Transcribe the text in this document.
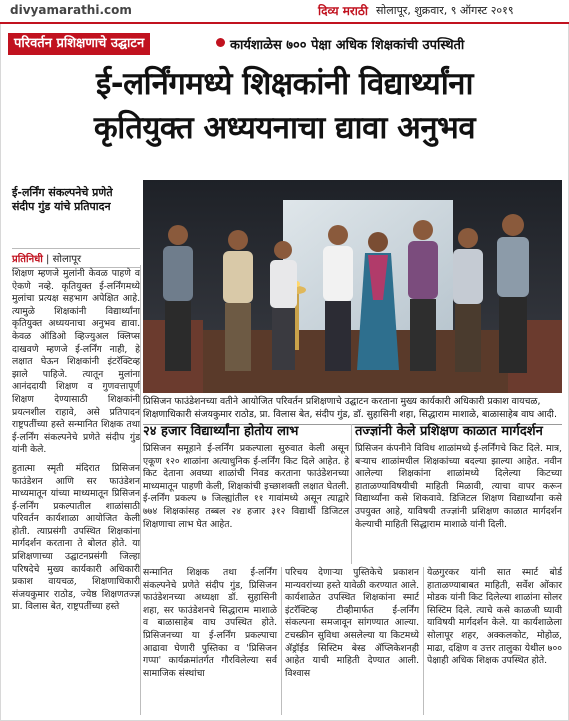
divyamarathi.com	दिव्य मराठी सोलापूर, शुक्रवार, ९ ऑगस्ट २०१९
परिवर्तन प्रशिक्षणाचे उद्घाटन	कार्यशाळेस ७०० पेक्षा अधिक शिक्षकांची उपस्थिती
ई-लर्निंगमध्ये शिक्षकांनी विद्यार्थ्यांना
कृतियुक्त अध्ययनाचा द्यावा अनुभव
ई-लर्निंग संकल्पनेचे प्रणेते संदीप गुंड यांचे प्रतिपादन
प्रतिनिधी | सोलापूर

शिक्षण म्हणजे मुलांनी केवळ पाहणे व ऐकणे नव्हे. कृतियुक्त ई-लर्निंगमध्ये मुलांचा प्रत्यक्ष सहभाग अपेक्षित आहे. त्यामुळे शिक्षकांनी विद्यार्थ्यांना कृतियुक्त अध्ययनाचा अनुभव द्यावा. केवळ ऑडिओ व्हिज्युअल क्लिप्स दाखवणे म्हणजे ई-लर्निंग नाही, हे लक्षात घेऊन शिक्षकांनी इंटरॅक्टिव्ह झाले पाहिजे. त्यातून मुलांना आनंददायी शिक्षण व गुणवत्तापूर्ण शिक्षण देण्यासाठी शिक्षकांनी प्रयत्नशील राहावे, असे प्रतिपादन राष्ट्रपतींच्या हस्ते सन्मानित शिक्षक तथा ई-लर्निंग संकल्पनेचे प्रणेते संदीप गुंड यांनी केले.

हुतात्मा स्मृती मंदिरात प्रिसिजन फाउंडेशन आणि सर फाउंडेशन माध्यमातून यांच्या माध्यमातून प्रिसिजन ई-लर्निंग प्रकल्पातील शाळांसाठी परिवर्तन कार्यशाळा आयोजित केली होती. त्याप्रसंगी उपस्थित शिक्षकांना मार्गदर्शन करताना ते बोलत होते. या प्रशिक्षणाच्या उद्घाटनप्रसंगी जिल्हा परिषदेचे मुख्य कार्यकारी अधिकारी प्रकाश वायचळ, शिक्षणाधिकारी संजयकुमार राठोड, ज्येष्ठ शिक्षणतज्ज्ञ प्रा. विलास बेत, राष्ट्रपतींच्या हस्ते

प्रिसिजन फाउंडेशनच्या वतीने आयोजित परिवर्तन प्रशिक्षणाचे उद्घाटन करताना मुख्य कार्यकारी अधिकारी प्रकाश वायचळ, शिक्षणाधिकारी संजयकुमार राठोड, प्रा. विलास बेत, संदीप गुंड, डॉ. सुहासिनी शहा, सिद्धाराम माशाळे, बाळासाहेब वाघ आदी.
२४ हजार विद्यार्थ्यांना होतोय लाभ
प्रिसिजन समूहाने ई-लर्निंग प्रकल्पाला सुरुवात केली असून एकूण १२० शाळांना अत्याधुनिक ई-लर्निंग किट दिले आहेत. हे किट देताना अवघ्या शाळांची निवड करताना फाउंडेशनच्या माध्यमातून पाहणी केली, शिक्षकांची इच्छाशक्ती लक्षात घेतली. ई-लर्निंग प्रकल्प ७ जिल्ह्यांतील ११ गावांमध्ये असून त्याद्वारे ७७४ शिक्षकांसह तब्बल २४ हजार ३१२ विद्यार्थी डिजिटल शिक्षणाचा लाभ घेत आहेत.
तज्ज्ञांनी केले प्रशिक्षण काळात मार्गदर्शन
प्रिसिजन कंपनीने विविध शाळांमध्ये ई-लर्निंगचे किट दिले. मात्र, बऱ्याच शाळांमधील शिक्षकांच्या बदल्या झाल्या आहेत. नवीन आलेल्या शिक्षकांना शाळांमध्ये दिलेल्या किटच्या हाताळण्याविषयीची माहिती मिळावी, त्याचा वापर करून विद्यार्थ्यांना कसे शिकवावे. डिजिटल शिक्षण विद्यार्थ्यांना कसे उपयुक्त आहे, याविषयी तज्ज्ञांनी प्रशिक्षण काळात मार्गदर्शन केल्याची माहिती सिद्धाराम माशाळे यांनी दिली.
सन्मानित शिक्षक तथा ई-लर्निंग संकल्पनेचे प्रणेते संदीप गुंड, प्रिसिजन फाउंडेशनच्या अध्यक्षा डॉ. सुहासिनी शहा, सर फाउंडेशनचे सिद्धाराम माशाळे व बाळासाहेब वाघ उपस्थित होते. प्रिसिजनच्या या ई-लर्निंग प्रकल्पाचा आढावा घेणारी पुस्तिका व 'प्रिसिजन गप्पा' कार्यक्रमांतर्गत गौरविलेल्या सर्व सामाजिक संस्थांचा
परिचय देणाऱ्या पुस्तिकेचे प्रकाशन मान्यवरांच्या हस्ते यावेळी करण्यात आले. कार्यशाळेत उपस्थित शिक्षकांना स्मार्ट इंटरॅक्टिव्ह टीव्हीमार्फत ई-लर्निंग संकल्पना समजावून सांगण्यात आल्या. टचस्क्रीन सुविधा असलेल्या या किटमध्ये ॲड्रॉईड सिस्टिम बेस्ड ॲप्लिकेशनही आहेत याची माहिती देण्यात आली. विश्वास
येळगुरकर यांनी सात स्मार्ट बोर्ड हाताळण्याबाबत माहिती, सर्वेश ओंकार मोडक यांनी किट दिलेल्या शाळांना सोलर सिस्टिम दिले. त्याचे कसे काळजी घ्यावी याविषयी मार्गदर्शन केले. या कार्यशाळेला सोलापूर शहर, अक्कलकोट, मोहोळ, माढा, दक्षिण व उत्तर तालुका येथील ७०० पेक्षाही अधिक शिक्षक उपस्थित होते.
